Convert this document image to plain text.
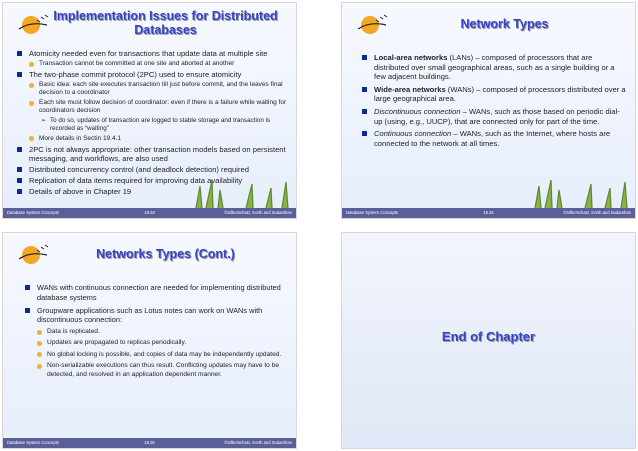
Implementation Issues for Distributed Databases
Atomicity needed even for transactions that update data at multiple site
Transaction cannot be committed at one site and aborted at another
The two-phase commit protocol (2PC) used to ensure atomicity
Basic idea: each site executes transaction till just before commit, and the leaves final decision to a coordinator
Each site must follow decision of coordinator: even if there is a failure while waiting for coordinators decision
➢ To do so, updates of transaction are logged to stable storage and transaction is recorded as “waiting”
More details in Sectin 19.4.1
2PC is not always appropriate: other transaction models based on persistent messaging, and workflows, are also used
Distributed concurrency control (and deadlock detection) required
Replication of data items required for improving data availability
Details of above in Chapter 19
Database System Concepts	19.33	©Silberschatz, Korth and Sudarshan
Network Types
Local-area networks (LANs) – composed of processors that are distributed over small geographical areas, such as a single building or a few adjacent buildings.
Wide-area networks (WANs) – composed of processors distributed over a large geographical area.
Discontinuous connection – WANs, such as those based on periodic dial-up (using, e.g., UUCP), that are connected only for part of the time.
Continuous connection – WANs, such as the Internet, where hosts are connected to the network at all times.
Database System Concepts	19.34	©Silberschatz, Korth and Sudarshan
Networks Types (Cont.)
WANs with continuous connection are needed for implementing distributed database systems
Groupware applications such as Lotus notes can work on WANs with discontinuous connection:
Data is replicated.
Updates are propagated to replicas periodically.
No global locking is possible, and copies of data may be independently updated.
Non-serializable executions can thus result. Conflicting updates may have to be detected, and resolved in an application dependent manner.
Database System Concepts	19.35	©Silberschatz, Korth and Sudarshan
End of Chapter
